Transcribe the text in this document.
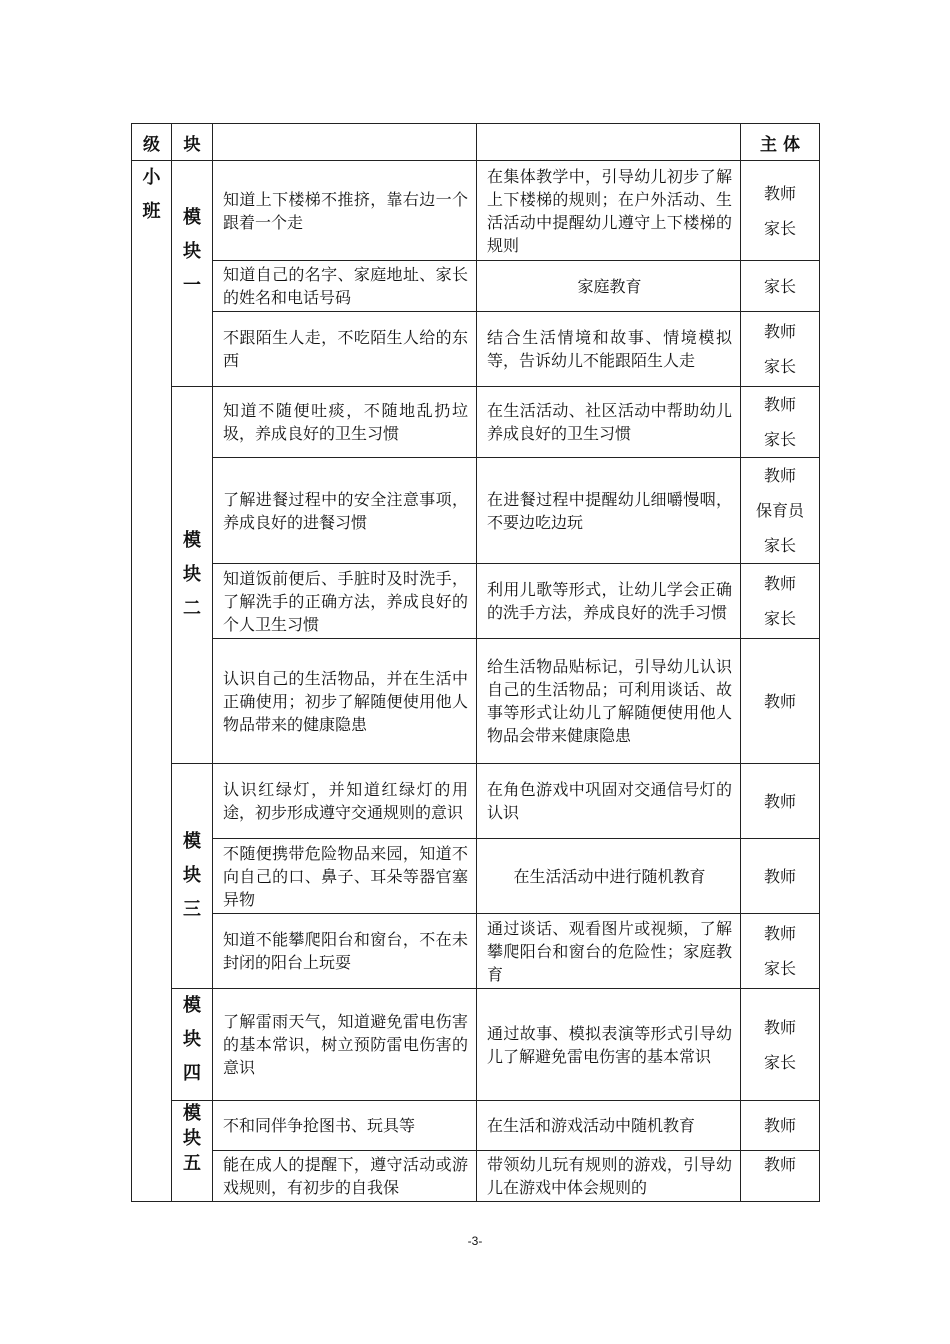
级	块			主 体

小班	模块一	知道上下楼梯不推挤，靠右边一个跟着一个走	在集体教学中，引导幼儿初步了解上下楼梯的规则；在户外活动、生活活动中提醒幼儿遵守上下楼梯的规则	教师
家长

		知道自己的名字、家庭地址、家长的姓名和电话号码	家庭教育	家长

		不跟陌生人走，不吃陌生人给的东西	结合生活情境和故事、情境模拟等，告诉幼儿不能跟陌生人走	教师
家长

	模块二	知道不随便吐痰，不随地乱扔垃圾，养成良好的卫生习惯	在生活活动、社区活动中帮助幼儿养成良好的卫生习惯	教师
家长

		了解进餐过程中的安全注意事项，养成良好的进餐习惯	在进餐过程中提醒幼儿细嚼慢咽，不要边吃边玩	教师
保育员
家长

		知道饭前便后、手脏时及时洗手，了解洗手的正确方法，养成良好的个人卫生习惯	利用儿歌等形式，让幼儿学会正确的洗手方法，养成良好的洗手习惯	教师
家长

		认识自己的生活物品，并在生活中正确使用；初步了解随便使用他人物品带来的健康隐患	给生活物品贴标记，引导幼儿认识自己的生活物品；可利用谈话、故事等形式让幼儿了解随便使用他人物品会带来健康隐患	教师

	模块三	认识红绿灯，并知道红绿灯的用途，初步形成遵守交通规则的意识	在角色游戏中巩固对交通信号灯的认识	教师

		不随便携带危险物品来园，知道不向自己的口、鼻子、耳朵等器官塞异物	在生活活动中进行随机教育	教师

		知道不能攀爬阳台和窗台，不在未封闭的阳台上玩耍	通过谈话、观看图片或视频，了解攀爬阳台和窗台的危险性；家庭教育	教师
家长

	模块四	了解雷雨天气，知道避免雷电伤害的基本常识，树立预防雷电伤害的意识	通过故事、模拟表演等形式引导幼儿了解避免雷电伤害的基本常识	教师
家长

	模块五	不和同伴争抢图书、玩具等	在生活和游戏活动中随机教育	教师

		能在成人的提醒下，遵守活动或游戏规则，有初步的自我保	带领幼儿玩有规则的游戏，引导幼儿在游戏中体会规则的	教师
-3-
